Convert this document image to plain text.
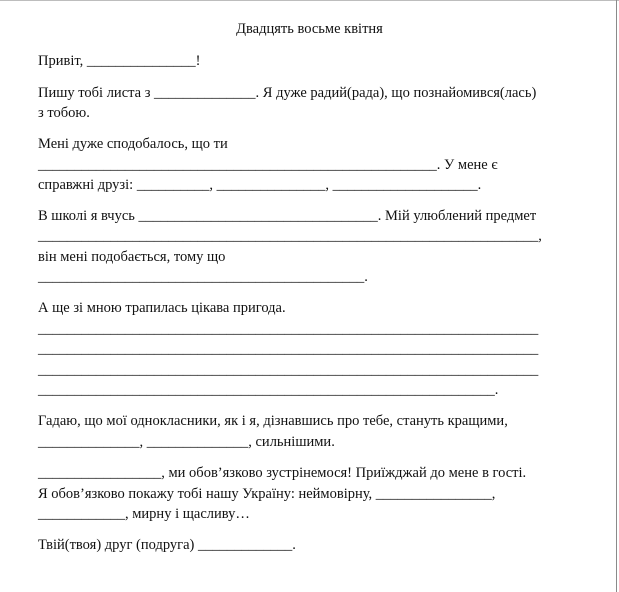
Двадцять восьме квітня
Привіт, _______________!
Пишу тобі листа з ______________. Я дуже радий(рада), що познайомився(лась)
з тобою.
Мені дуже сподобалось, що ти
_______________________________________________________. У мене є
справжні друзі: __________, _______________, ____________________.
В школі я вчусь _________________________________. Мій улюблений предмет
_____________________________________________________________________,
він мені подобається, тому що
_____________________________________________.
А ще зі мною трапилась цікава пригода.
_____________________________________________________________________
_____________________________________________________________________
_____________________________________________________________________
_______________________________________________________________.
Гадаю, що мої однокласники, як і я, дізнавшись про тебе, стануть кращими,
______________, ______________, сильнішими.
_________________, ми обов’язково зустрінемося! Приїжджай до мене в гості.
Я обов’язково покажу тобі нашу Україну: неймовірну, ________________,
____________, мирну і щасливу…
Твій(твоя) друг (подруга) _____________.
